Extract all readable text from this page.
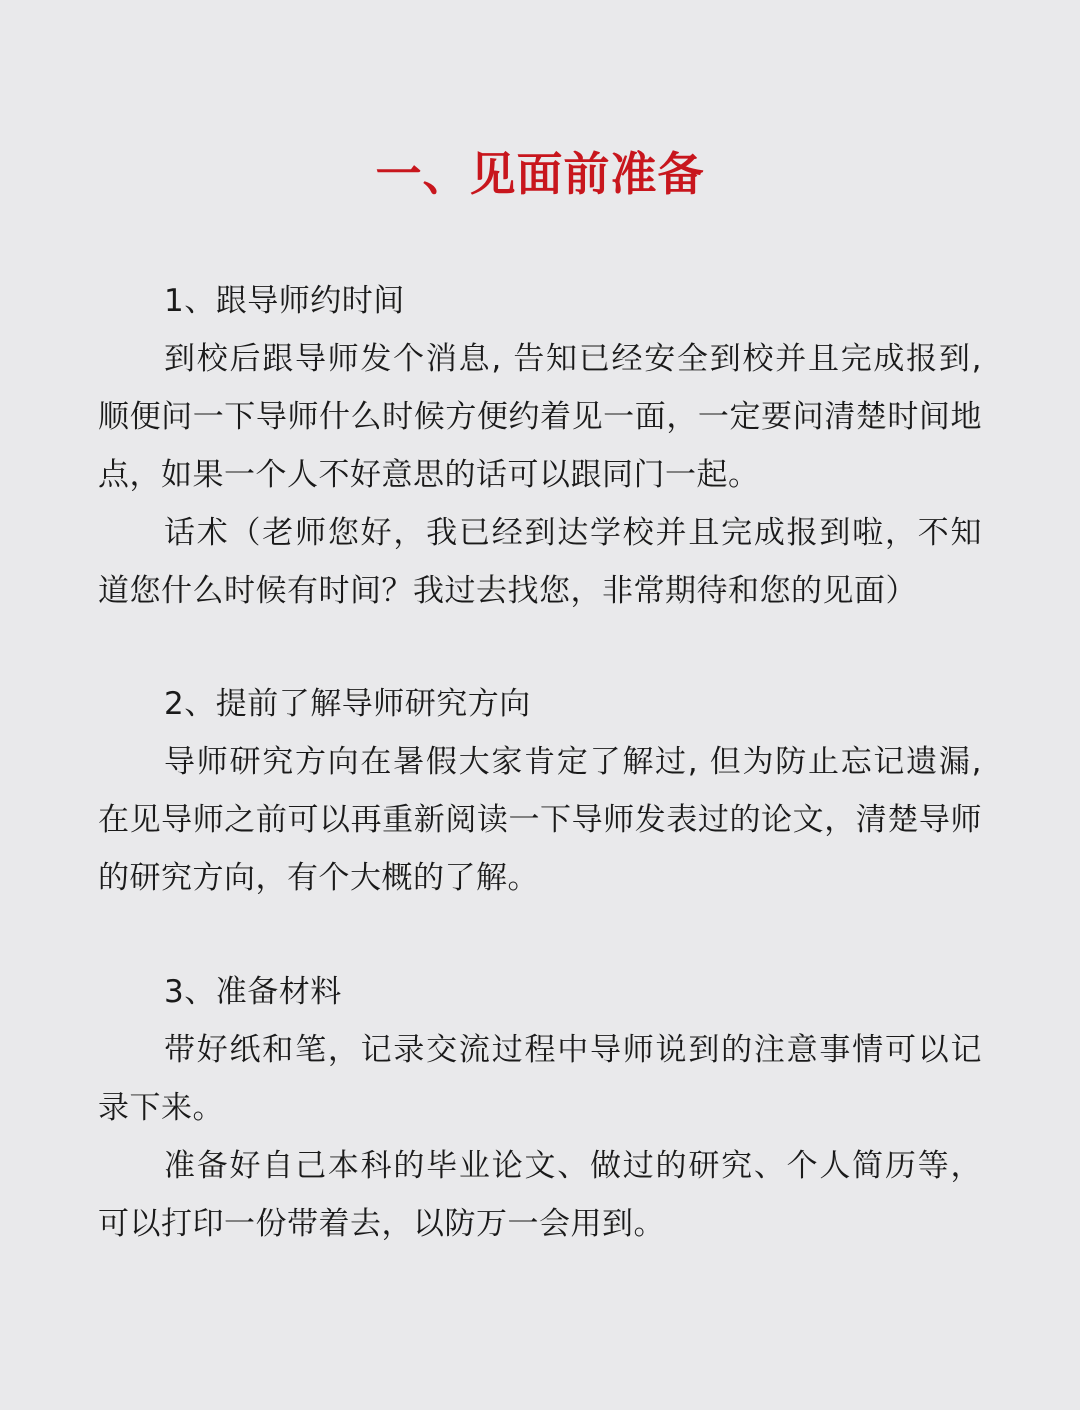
一、见面前准备

1、跟导师约时间

到校后跟导师发个消息, 告知已经安全到校并且完成报到, 顺便问一下导师什么时候方便约着见一面，一定要问清楚时间地点，如果一个人不好意思的话可以跟同门一起。

话术（老师您好，我已经到达学校并且完成报到啦，不知道您什么时候有时间？我过去找您，非常期待和您的见面）

2、提前了解导师研究方向

导师研究方向在暑假大家肯定了解过, 但为防止忘记遗漏, 在见导师之前可以再重新阅读一下导师发表过的论文，清楚导师的研究方向，有个大概的了解。

3、准备材料

带好纸和笔，记录交流过程中导师说到的注意事情可以记录下来。

准备好自己本科的毕业论文、做过的研究、个人简历等，可以打印一份带着去，以防万一会用到。
